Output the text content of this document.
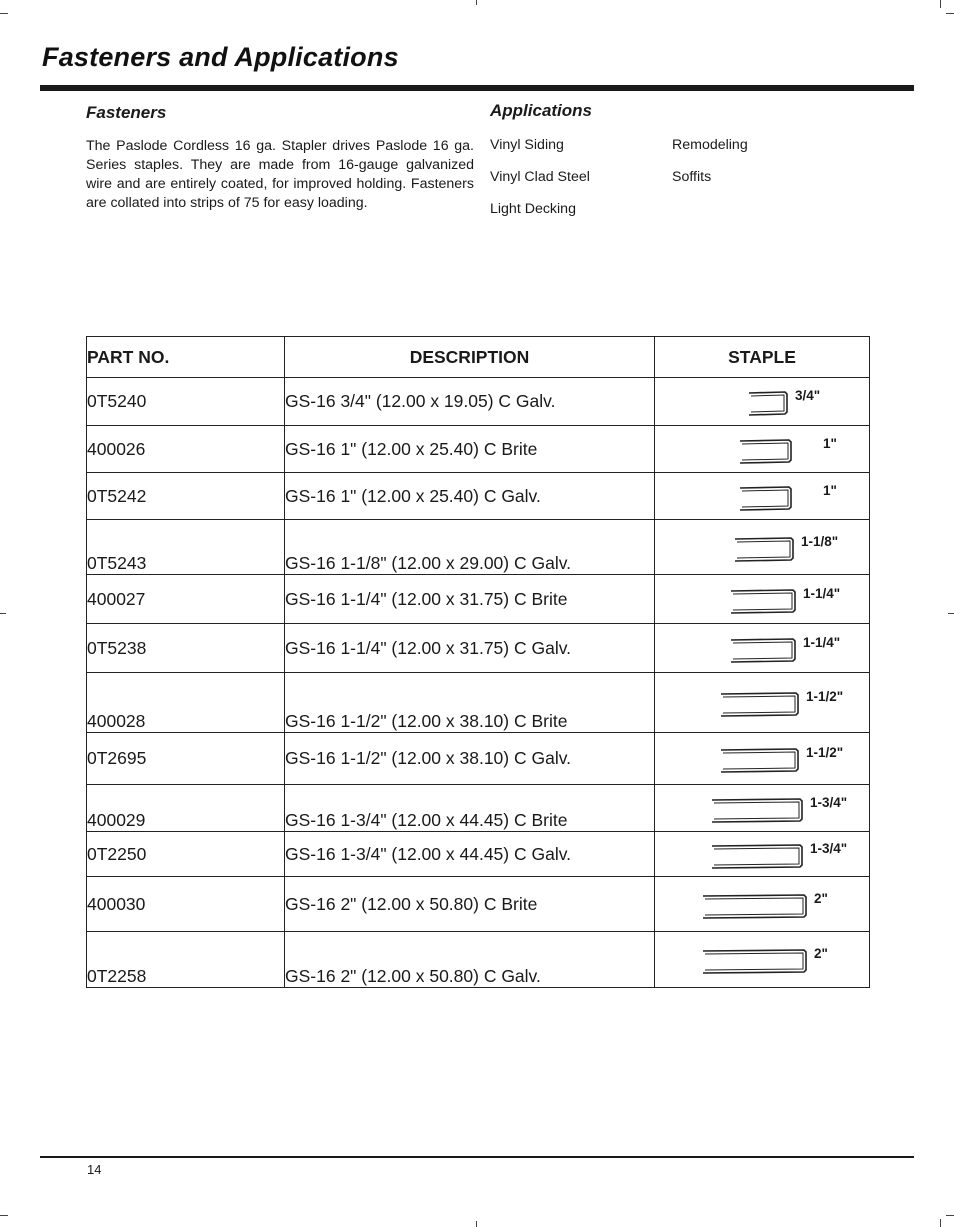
Fasteners and Applications
Fasteners

The Paslode Cordless 16 ga. Stapler drives Paslode 16 ga. Series staples. They are made from 16-gauge galvanized wire and are entirely coated, for improved holding. Fasteners are collated into strips of 75 for easy loading.

Applications
Vinyl Siding
Vinyl Clad Steel
Light Decking
Remodeling
Soffits
PART NO.	DESCRIPTION	STAPLE
0T5240	GS-16 3/4" (12.00 x 19.05) C Galv.	3/4"

400026	GS-16 1" (12.00 x 25.40) C Brite	1"

0T5242	GS-16 1" (12.00 x 25.40) C Galv.	1"

0T5243	GS-16 1-1/8" (12.00 x 29.00) C Galv.	1-1/8"

400027	GS-16 1-1/4" (12.00 x 31.75) C Brite	1-1/4"

0T5238	GS-16 1-1/4" (12.00 x 31.75) C Galv.	1-1/4"

400028	GS-16 1-1/2" (12.00 x 38.10) C Brite	1-1/2"

0T2695	GS-16 1-1/2" (12.00 x 38.10) C Galv.	1-1/2"

400029	GS-16 1-3/4" (12.00 x 44.45) C Brite	1-3/4"

0T2250	GS-16 1-3/4" (12.00 x 44.45) C Galv.	1-3/4"

400030	GS-16 2" (12.00 x 50.80) C Brite	2"

0T2258	GS-16 2" (12.00 x 50.80) C Galv.	2"
14
